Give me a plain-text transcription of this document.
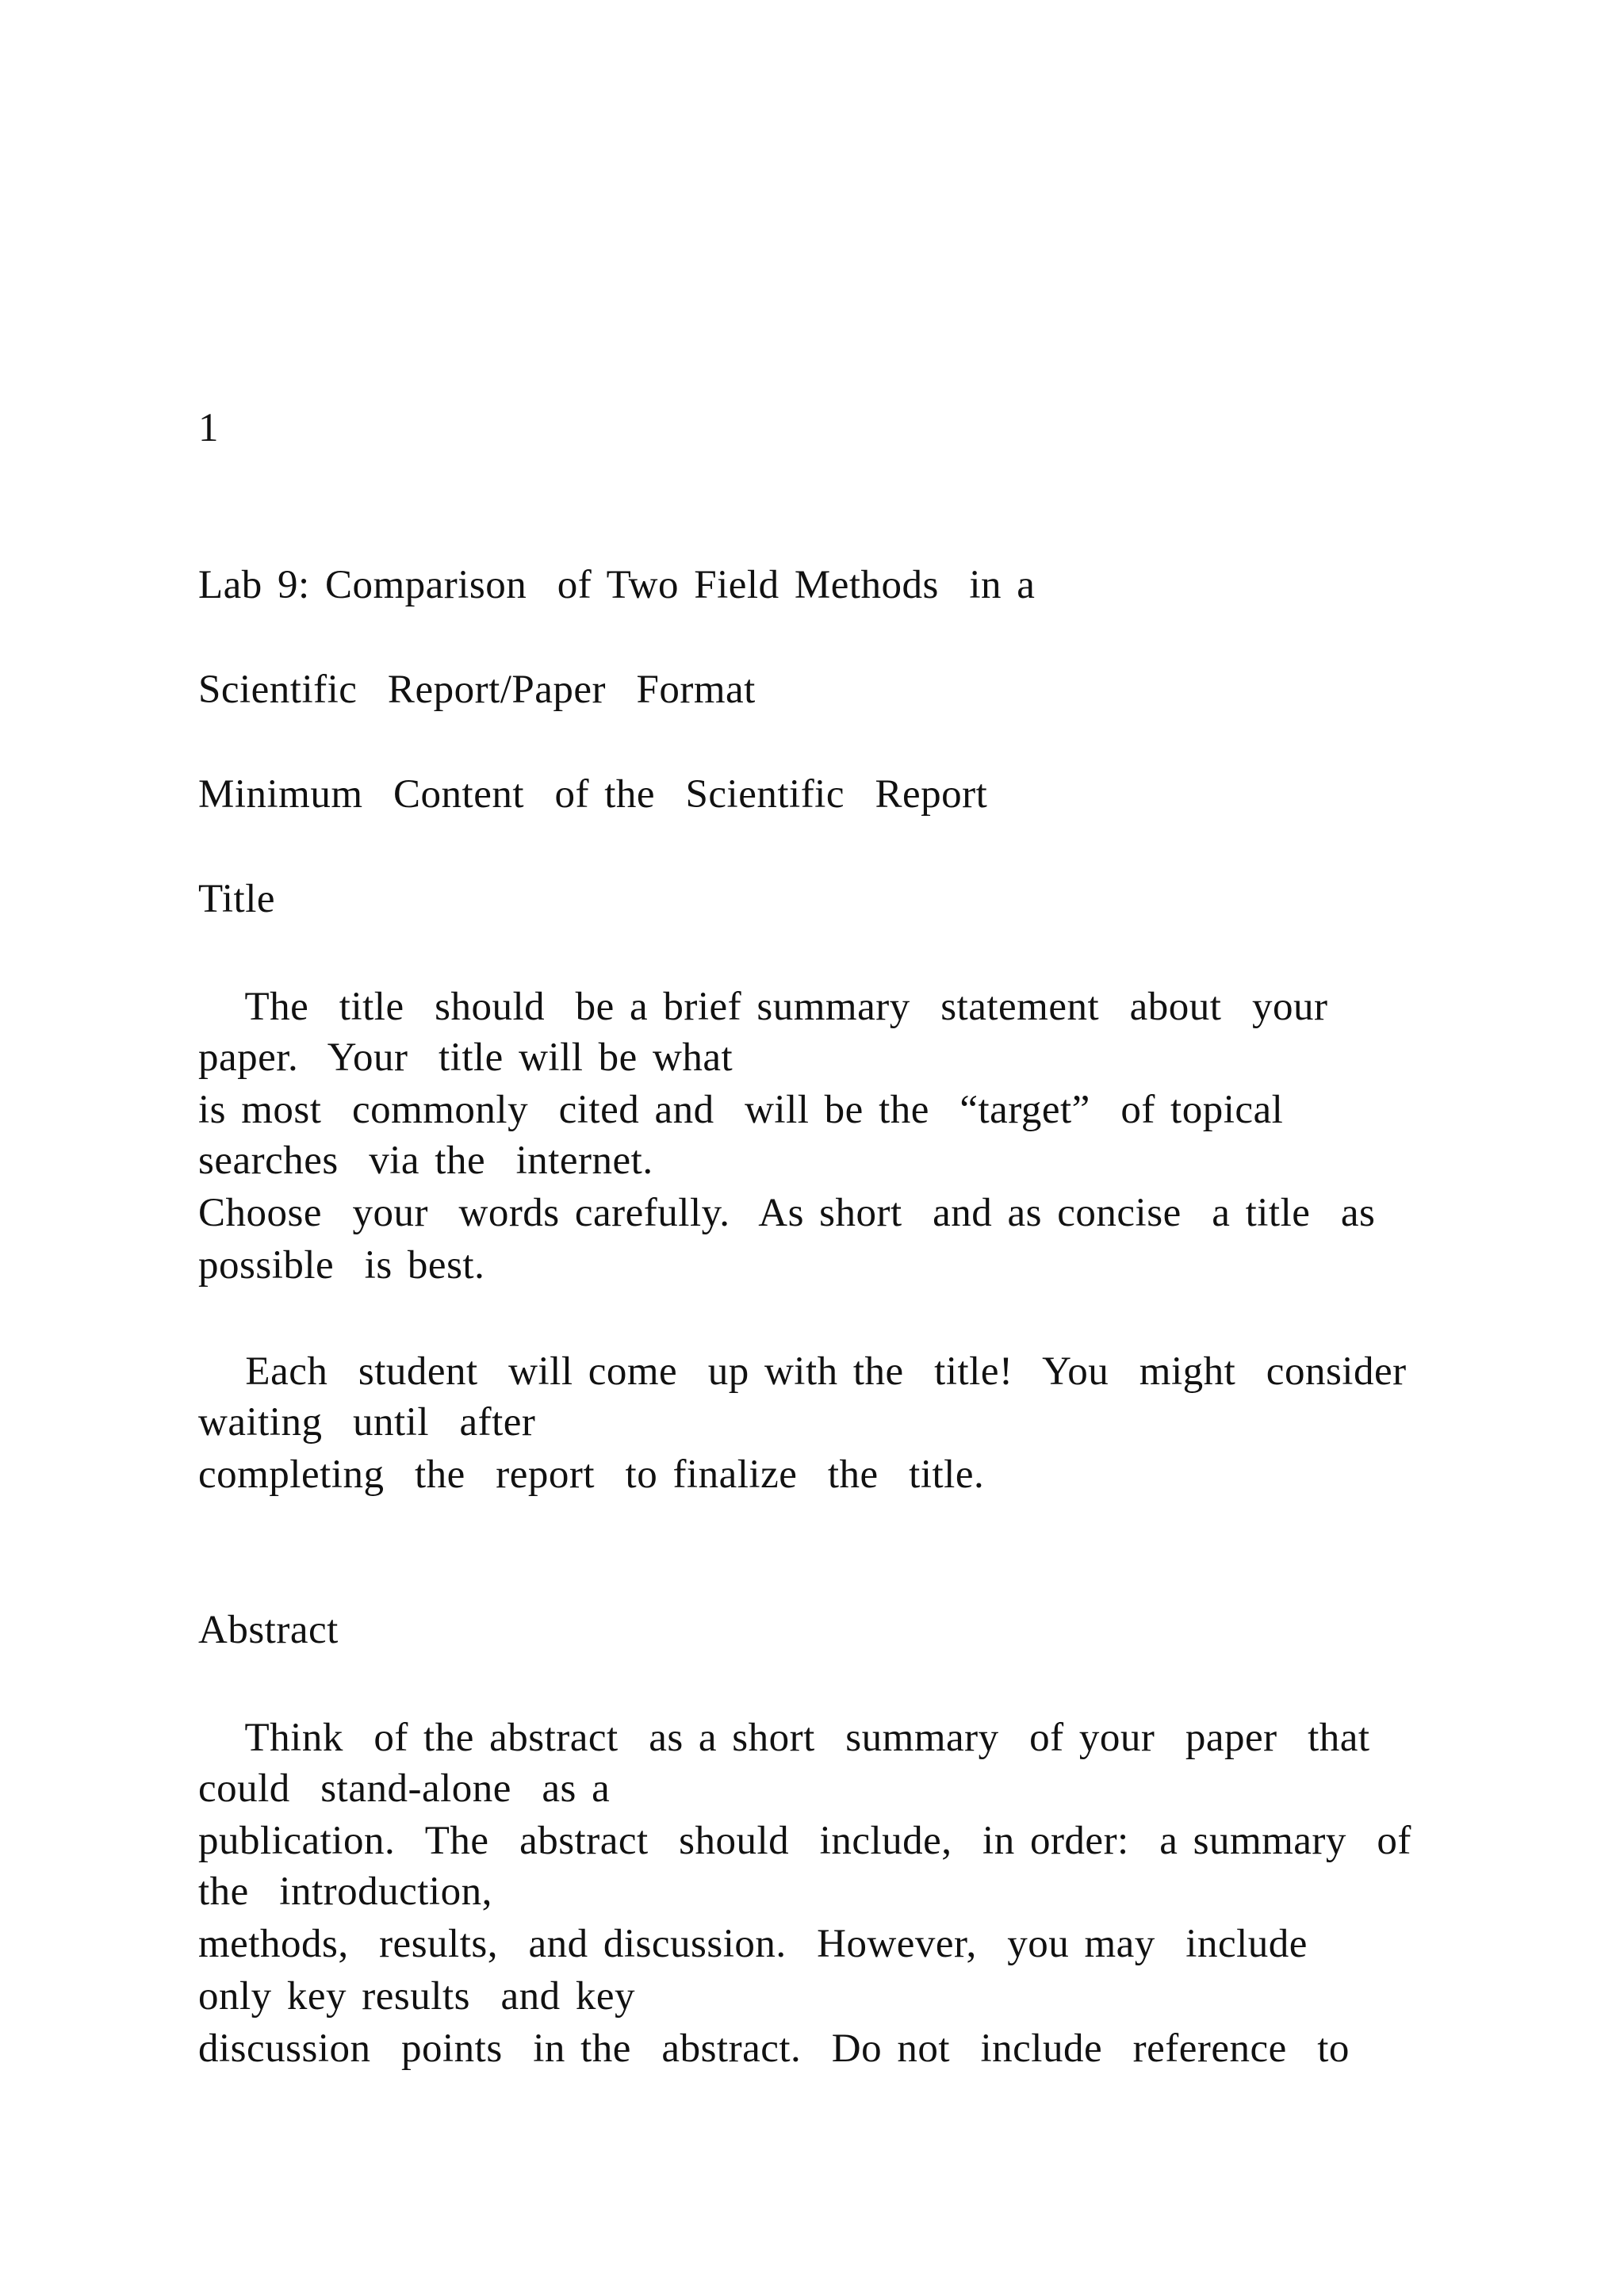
1
Lab 9: Comparison  of Two Field Methods  in a
Scientific  Report/Paper  Format
Minimum  Content  of the  Scientific  Report
Title
  The  title  should  be a brief summary  statement  about  your
paper.  Your  title will be what
is most  commonly  cited and  will be the  “target”  of topical
searches  via the  internet.
Choose  your  words carefully.  As short  and as concise  a title  as
possible  is best.
  Each  student  will come  up with the  title!  You  might  consider
waiting  until  after
completing  the  report  to finalize  the  title.
Abstract
  Think  of the abstract  as a short  summary  of your  paper  that
could  stand-alone  as a
publication.  The  abstract  should  include,  in order:  a summary  of
the  introduction,
methods,  results,  and discussion.  However,  you may  include
only key results  and key
discussion  points  in the  abstract.  Do not  include  reference  to
